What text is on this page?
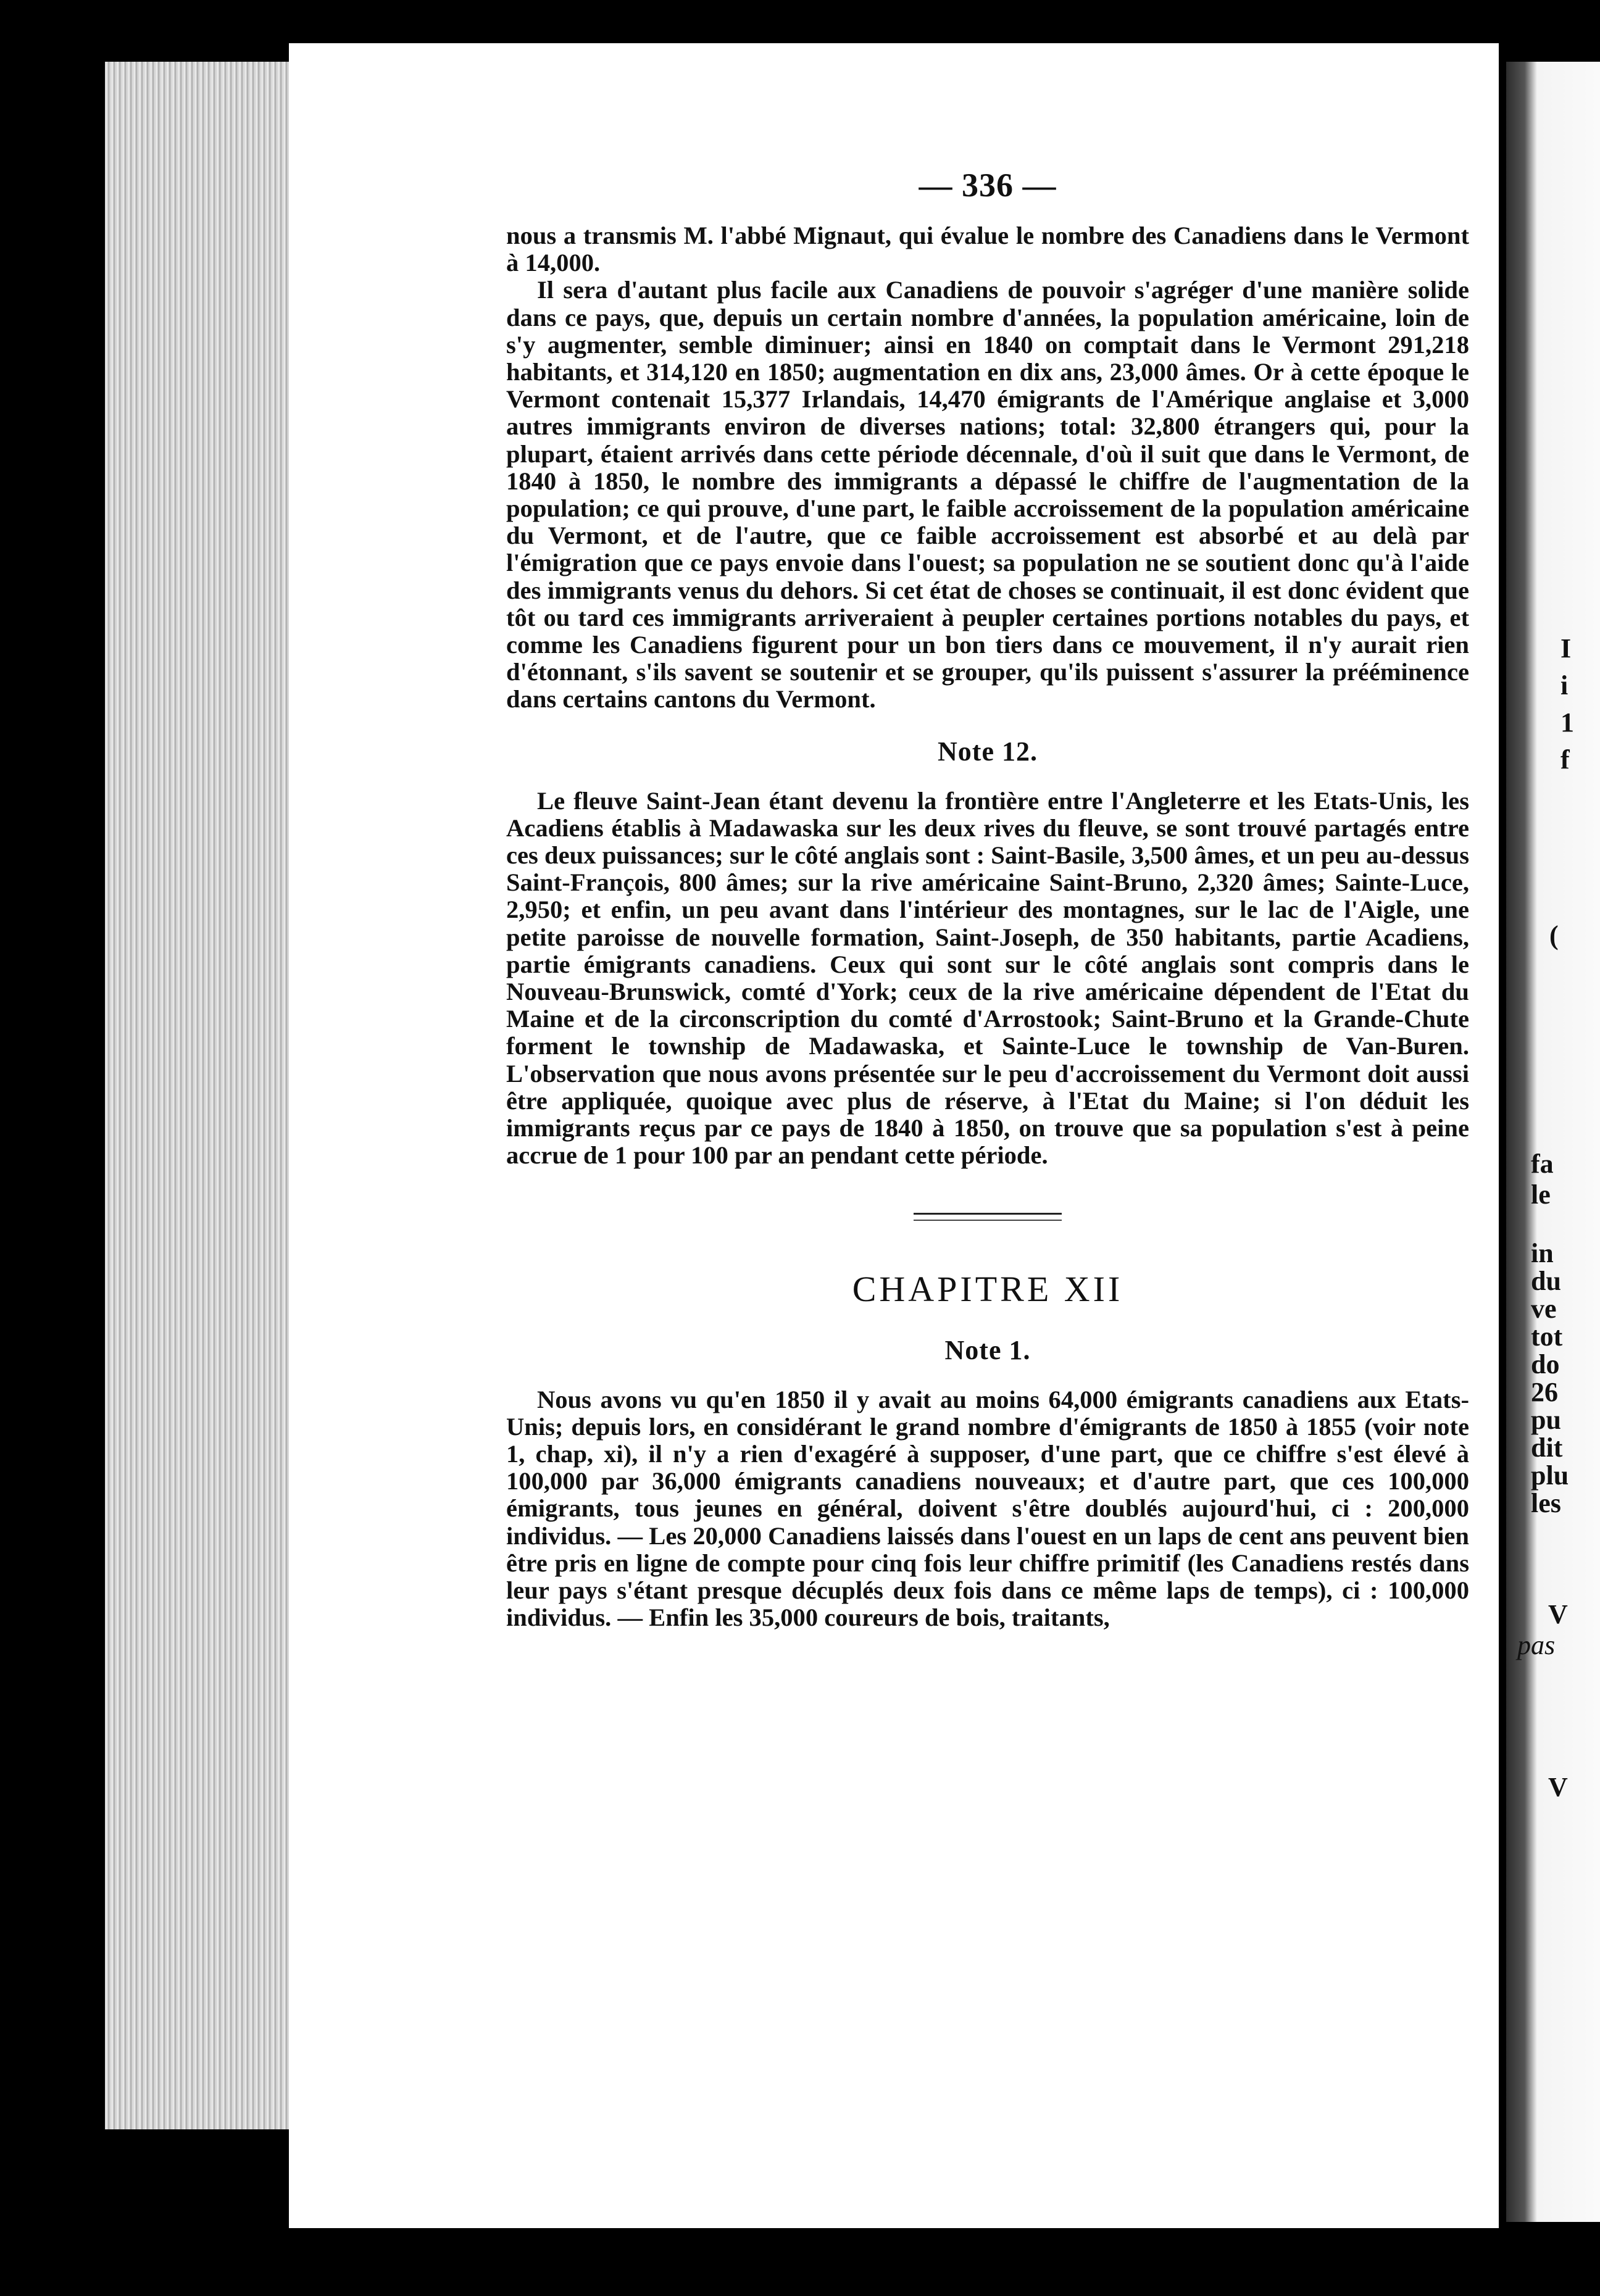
I
i
1
f
(
fa
le
in
du
ve
tot
do
26
pu
dit
plu
les
V
pas
V
— 336 —

nous a transmis M. l'abbé Mignaut, qui évalue le nombre des Canadiens dans le Vermont à 14,000.

Il sera d'autant plus facile aux Canadiens de pouvoir s'agréger d'une manière solide dans ce pays, que, depuis un certain nombre d'années, la population américaine, loin de s'y augmenter, semble diminuer; ainsi en 1840 on comptait dans le Vermont 291,218 habitants, et 314,120 en 1850; augmentation en dix ans, 23,000 âmes. Or à cette époque le Vermont contenait 15,377 Irlandais, 14,470 émigrants de l'Amérique anglaise et 3,000 autres immigrants environ de diverses nations; total: 32,800 étrangers qui, pour la plupart, étaient arrivés dans cette période décennale, d'où il suit que dans le Vermont, de 1840 à 1850, le nombre des immigrants a dépassé le chiffre de l'augmentation de la population; ce qui prouve, d'une part, le faible accroissement de la population américaine du Vermont, et de l'autre, que ce faible accroissement est absorbé et au delà par l'émigration que ce pays envoie dans l'ouest; sa population ne se soutient donc qu'à l'aide des immigrants venus du dehors. Si cet état de choses se continuait, il est donc évident que tôt ou tard ces immigrants arriveraient à peupler certaines portions notables du pays, et comme les Canadiens figurent pour un bon tiers dans ce mouvement, il n'y aurait rien d'étonnant, s'ils savent se soutenir et se grouper, qu'ils puissent s'assurer la prééminence dans certains cantons du Vermont.

Note 12.

Le fleuve Saint-Jean étant devenu la frontière entre l'Angleterre et les Etats-Unis, les Acadiens établis à Madawaska sur les deux rives du fleuve, se sont trouvé partagés entre ces deux puissances; sur le côté anglais sont : Saint-Basile, 3,500 âmes, et un peu au-dessus Saint-François, 800 âmes; sur la rive américaine Saint-Bruno, 2,320 âmes; Sainte-Luce, 2,950; et enfin, un peu avant dans l'intérieur des montagnes, sur le lac de l'Aigle, une petite paroisse de nouvelle formation, Saint-Joseph, de 350 habitants, partie Acadiens, partie émigrants canadiens. Ceux qui sont sur le côté anglais sont compris dans le Nouveau-Brunswick, comté d'York; ceux de la rive américaine dépendent de l'Etat du Maine et de la circonscription du comté d'Arrostook; Saint-Bruno et la Grande-Chute forment le township de Madawaska, et Sainte-Luce le township de Van-Buren. L'observation que nous avons présentée sur le peu d'accroissement du Vermont doit aussi être appliquée, quoique avec plus de réserve, à l'Etat du Maine; si l'on déduit les immigrants reçus par ce pays de 1840 à 1850, on trouve que sa population s'est à peine accrue de 1 pour 100 par an pendant cette période.

CHAPITRE XII
Note 1.

Nous avons vu qu'en 1850 il y avait au moins 64,000 émigrants canadiens aux Etats-Unis; depuis lors, en considérant le grand nombre d'émigrants de 1850 à 1855 (voir note 1, chap, xi), il n'y a rien d'exagéré à supposer, d'une part, que ce chiffre s'est élevé à 100,000 par 36,000 émigrants canadiens nouveaux; et d'autre part, que ces 100,000 émigrants, tous jeunes en général, doivent s'être doublés aujourd'hui, ci : 200,000 individus. — Les 20,000 Canadiens laissés dans l'ouest en un laps de cent ans peuvent bien être pris en ligne de compte pour cinq fois leur chiffre primitif (les Canadiens restés dans leur pays s'étant presque décuplés deux fois dans ce même laps de temps), ci : 100,000 individus. — Enfin les 35,000 coureurs de bois, traitants,
